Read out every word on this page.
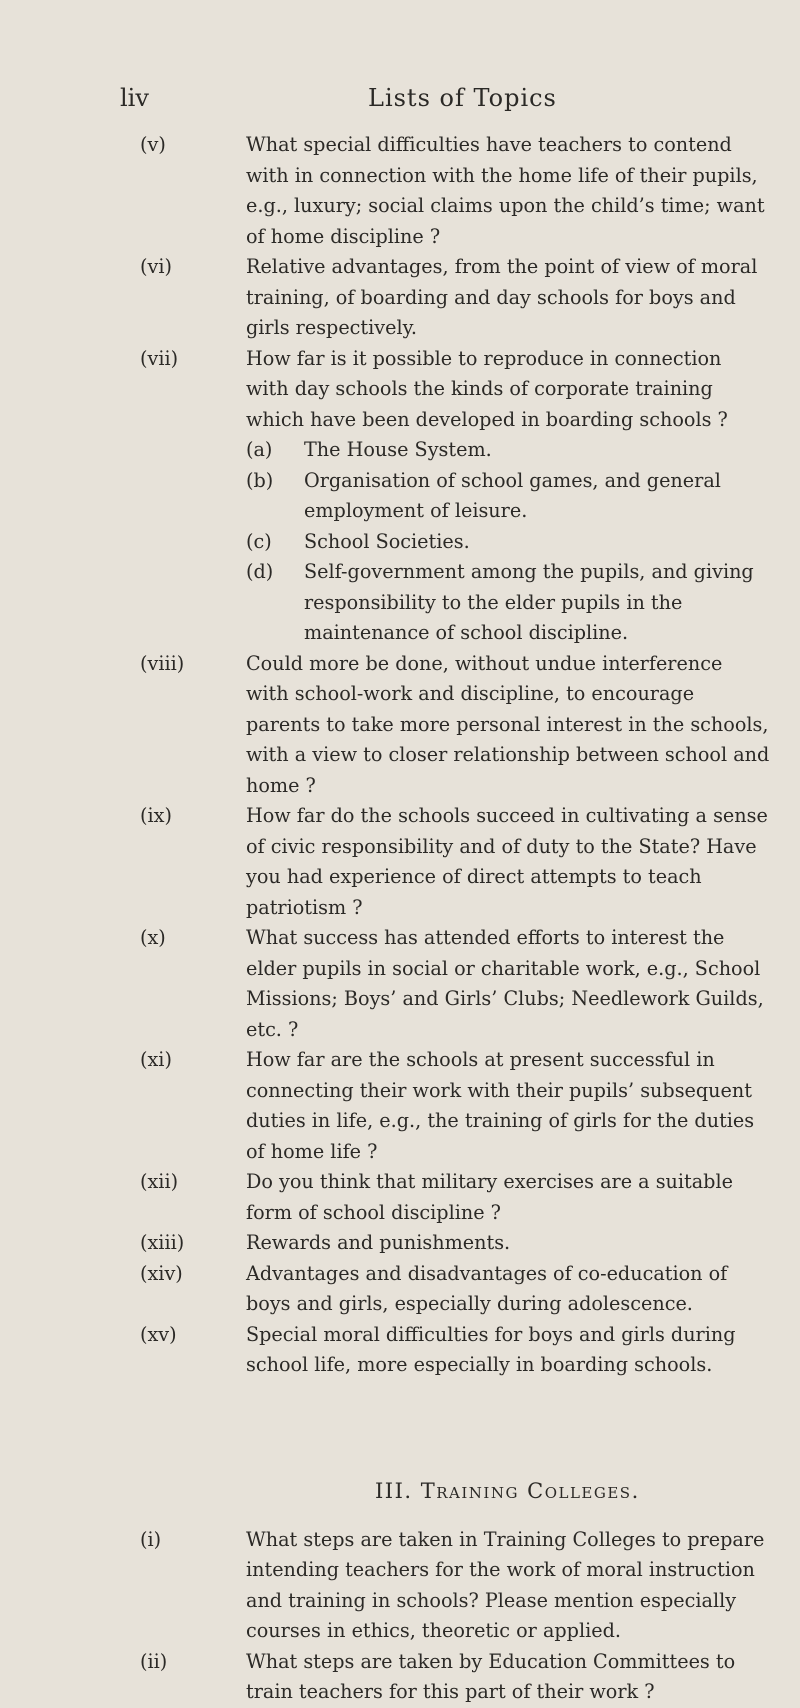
liv	Lists of Topics
(v)	What special difficulties have teachers to contend with in connection with the home life of their pupils, e.g., luxury; social claims upon the child’s time; want of home discipline ?
(vi)	Relative advantages, from the point of view of moral training, of boarding and day schools for boys and girls respectively.
(vii)	How far is it possible to reproduce in connection with day schools the kinds of corporate training which have been developed in boarding schools ?
(a) The House System.
(b) Organisation of school games, and general employment of leisure.
(c) School Societies.
(d) Self-government among the pupils, and giving responsibility to the elder pupils in the maintenance of school discipline.
(viii)	Could more be done, without undue interference with school-work and discipline, to encourage parents to take more personal interest in the schools, with a view to closer relationship between school and home ?
(ix)	How far do the schools succeed in cultivating a sense of civic responsibility and of duty to the State? Have you had experience of direct attempts to teach patriotism ?
(x)	What success has attended efforts to interest the elder pupils in social or charitable work, e.g., School Missions; Boys’ and Girls’ Clubs; Needlework Guilds, etc. ?
(xi)	How far are the schools at present successful in connecting their work with their pupils’ subsequent duties in life, e.g., the training of girls for the duties of home life ?
(xii)	Do you think that military exercises are a suitable form of school discipline ?
(xiii)	Rewards and punishments.
(xiv)	Advantages and disadvantages of co-education of boys and girls, especially during adolescence.
(xv)	Special moral difficulties for boys and girls during school life, more especially in boarding schools.
III. Training Colleges.
(i)	What steps are taken in Training Colleges to prepare intending teachers for the work of moral instruction and training in schools? Please mention especially courses in ethics, theoretic or applied.
(ii)	What steps are taken by Education Committees to train teachers for this part of their work ?
